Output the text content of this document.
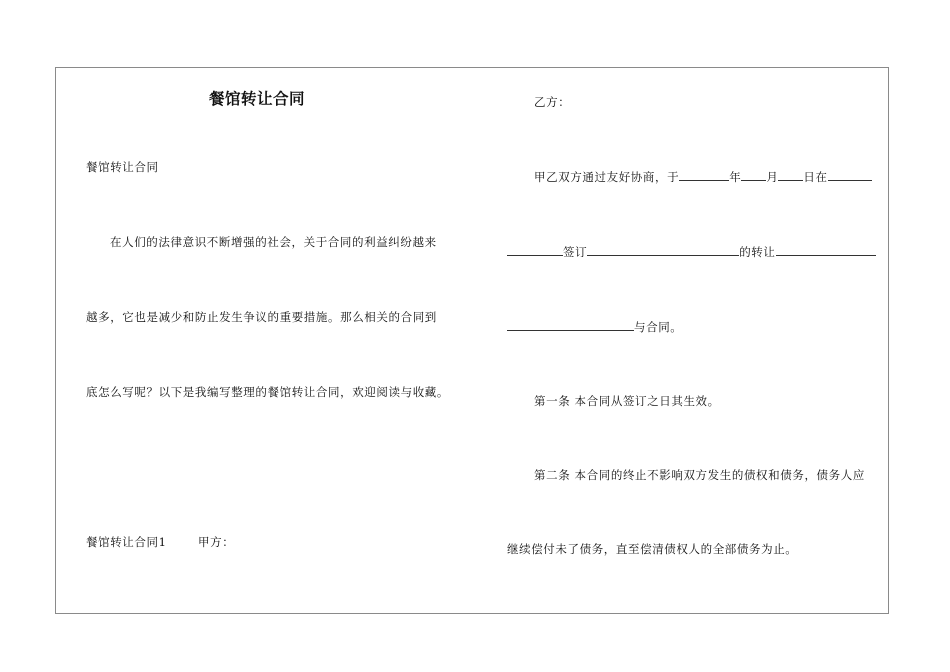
餐馆转让合同
餐馆转让合同
在人们的法律意识不断增强的社会，关于合同的利益纠纷越来
越多，它也是减少和防止发生争议的重要措施。那么相关的合同到
底怎么写呢？以下是我编写整理的餐馆转让合同，欢迎阅读与收藏。
餐馆转让合同1	甲方：
乙方：
甲乙双方通过友好协商，于	年 月 日在
签订	的转让
与合同。
第一条 本合同从签订之日其生效。
第二条 本合同的终止不影响双方发生的债权和债务，债务人应
继续偿付未了债务，直至偿清债权人的全部债务为止。
